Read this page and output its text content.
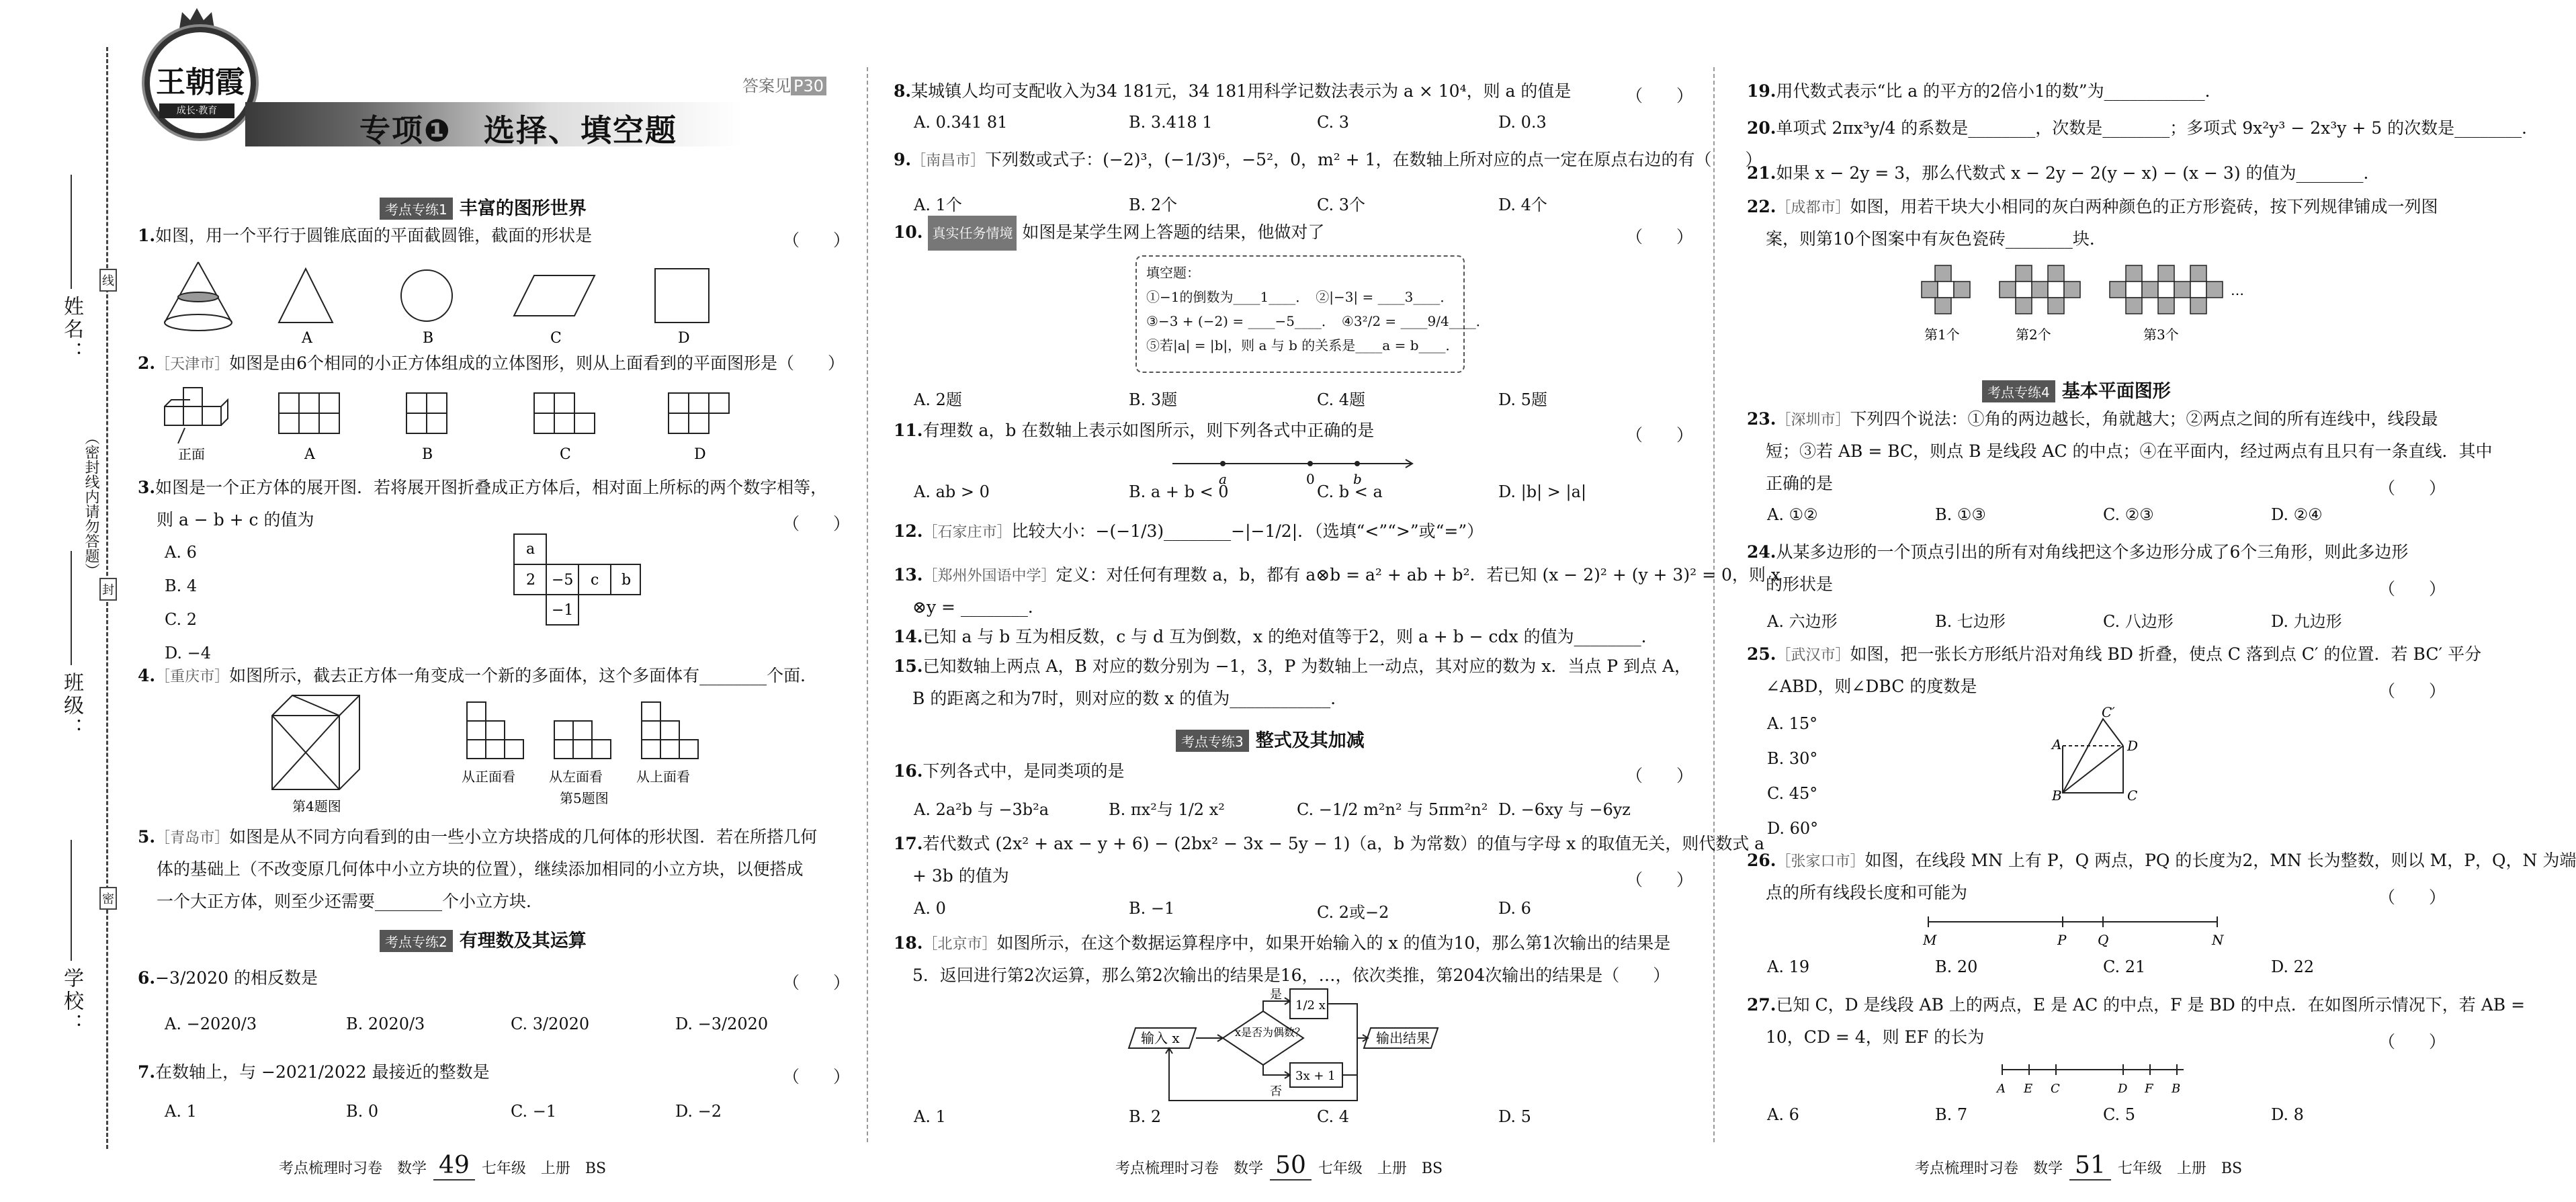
姓名：
班级：
学校：
（密封线内请勿答题）
线
封
密
王朝霞
成长·教育
专项❶　选择、填空题
答案见 P30
考点专练1 丰富的图形世界
1.如图，用一个平行于圆锥底面的平面截圆锥，截面的形状是	（　　）
A	B	C	D
2.［天津市］如图是由6个相同的小正方体组成的立体图形，则从上面看到的平面图形是（　　）
正面	A	B	C	D
3.如图是一个正方体的展开图．若将展开图折叠成正方体后，相对面上所标的两个数字相等，
则 a − b + c 的值为	（　　）
A. 6
B. 4
C. 2
D. −4
a
2 −5 c b
−1
4.［重庆市］如图所示，截去正方体一角变成一个新的多面体，这个多面体有________个面．
第4题图
从正面看	从左面看	从上面看
第5题图
5.［青岛市］如图是从不同方向看到的由一些小立方块搭成的几何体的形状图．若在所搭几何
体的基础上（不改变原几何体中小立方块的位置），继续添加相同的小立方块，以便搭成
一个大正方体，则至少还需要________个小立方块．
考点专练2 有理数及其运算
6.−3/2020 的相反数是	（　　）
A. −2020/3	B. 2020/3	C. 3/2020	D. −3/2020
7.在数轴上，与 −2021/2022 最接近的整数是	（　　）
A. 1	B. 0	C. −1	D. −2
考点梳理时习卷　 数学 49 七年级　上册　BS
8.某城镇人均可支配收入为34 181元，34 181用科学记数法表示为 a × 10⁴，则 a 的值是	（　　）
A. 0.341 81	B. 3.418 1	C. 3	D. 0.3
9.［南昌市］下列数或式子：(−2)³，(−1/3)⁶，−5²，0，m² + 1，在数轴上所对应的点一定在原点右边的有（　　）
A. 1个	B. 2个	C. 3个	D. 4个
10. 真实任务情境 如图是某学生网上答题的结果，他做对了	（　　）
填空题：
①−1的倒数为____1____．　②|−3| = ____3____．
③−3 + (−2) = ____−5____．　④3²/2 = ____9/4____．
⑤若|a| = |b|，则 a 与 b 的关系是____a = b____．
A. 2题	B. 3题	C. 4题	D. 5题
11.有理数 a，b 在数轴上表示如图所示，则下列各式中正确的是	（　　）
a	0	b
A. ab > 0	B. a + b < 0	C. b < a	D. |b| > |a|
12.［石家庄市］比较大小：−(−1/3)________−|−1/2|．（选填“<”“>”或“=”）
13.［郑州外国语中学］定义：对任何有理数 a，b，都有 a⊗b = a² + ab + b²．若已知 (x − 2)² + (y + 3)² = 0，则 x
⊗y = ________．
14.已知 a 与 b 互为相反数，c 与 d 互为倒数，x 的绝对值等于2，则 a + b − cdx 的值为________．
15.已知数轴上两点 A，B 对应的数分别为 −1，3，P 为数轴上一动点，其对应的数为 x．当点 P 到点 A，
B 的距离之和为7时，则对应的数 x 的值为____________．
考点专练3 整式及其加减
16.下列各式中，是同类项的是	（　　）
A. 2a²b 与 −3b²a	B. πx²与 1/2 x²	C. −1/2 m²n² 与 5πm²n² D. −6xy 与 −6yz
17.若代数式 (2x² + ax − y + 6) − (2bx² − 3x − 5y − 1)（a，b 为常数）的值与字母 x 的取值无关，则代数式 a
+ 3b 的值为	（　　）
A. 0	B. −1	C. 2或−2	D. 6
18.［北京市］如图所示，在这个数据运算程序中，如果开始输入的 x 的值为10，那么第1次输出的结果是
5．返回进行第2次运算，那么第2次输出的结果是16，…，依次类推，第204次输出的结果是（　　）
输入 x	x是否为偶数？
是
否
1/2 x
3x + 1
输出结果
A. 1	B. 2	C. 4	D. 5
考点梳理时习卷　 数学 50 七年级　上册　BS
19.用代数式表示“比 a 的平方的2倍小1的数”为____________．
20.单项式 2πx³y/4 的系数是________，次数是________；多项式 9x²y³ − 2x³y + 5 的次数是________．
21.如果 x − 2y = 3，那么代数式 x − 2y − 2(y − x) − (x − 3) 的值为________．
22.［成都市］如图，用若干块大小相同的灰白两种颜色的正方形瓷砖，按下列规律铺成一列图
案，则第10个图案中有灰色瓷砖________块．
…
第1个	第2个	第3个
考点专练4 基本平面图形
23.［深圳市］下列四个说法：①角的两边越长，角就越大；②两点之间的所有连线中，线段最
短；③若 AB = BC，则点 B 是线段 AC 的中点；④在平面内，经过两点有且只有一条直线．其中
正确的是	（　　）
A. ①②	B. ①③	C. ②③	D. ②④
24.从某多边形的一个顶点引出的所有对角线把这个多边形分成了6个三角形，则此多边形
的形状是	（　　）
A. 六边形	B. 七边形	C. 八边形	D. 九边形
25.［武汉市］如图，把一张长方形纸片沿对角线 BD 折叠，使点 C 落到点 C′ 的位置．若 BC′ 平分
∠ABD，则∠DBC 的度数是	（　　）
A. 15°
B. 30°
C. 45°
D. 60°
A
C′
D
B	C
26.［张家口市］如图，在线段 MN 上有 P，Q 两点，PQ 的长度为2，MN 长为整数，则以 M，P，Q，N 为端
点的所有线段长度和可能为	（　　）
M	P Q	N
A. 19	B. 20	C. 21	D. 22
27.已知 C，D 是线段 AB 上的两点，E 是 AC 的中点，F 是 BD 的中点．在如图所示情况下，若 AB =
10，CD = 4，则 EF 的长为	（　　）
A E C	D F B
A. 6	B. 7	C. 5	D. 8
考点梳理时习卷　 数学 51 七年级　上册　BS
